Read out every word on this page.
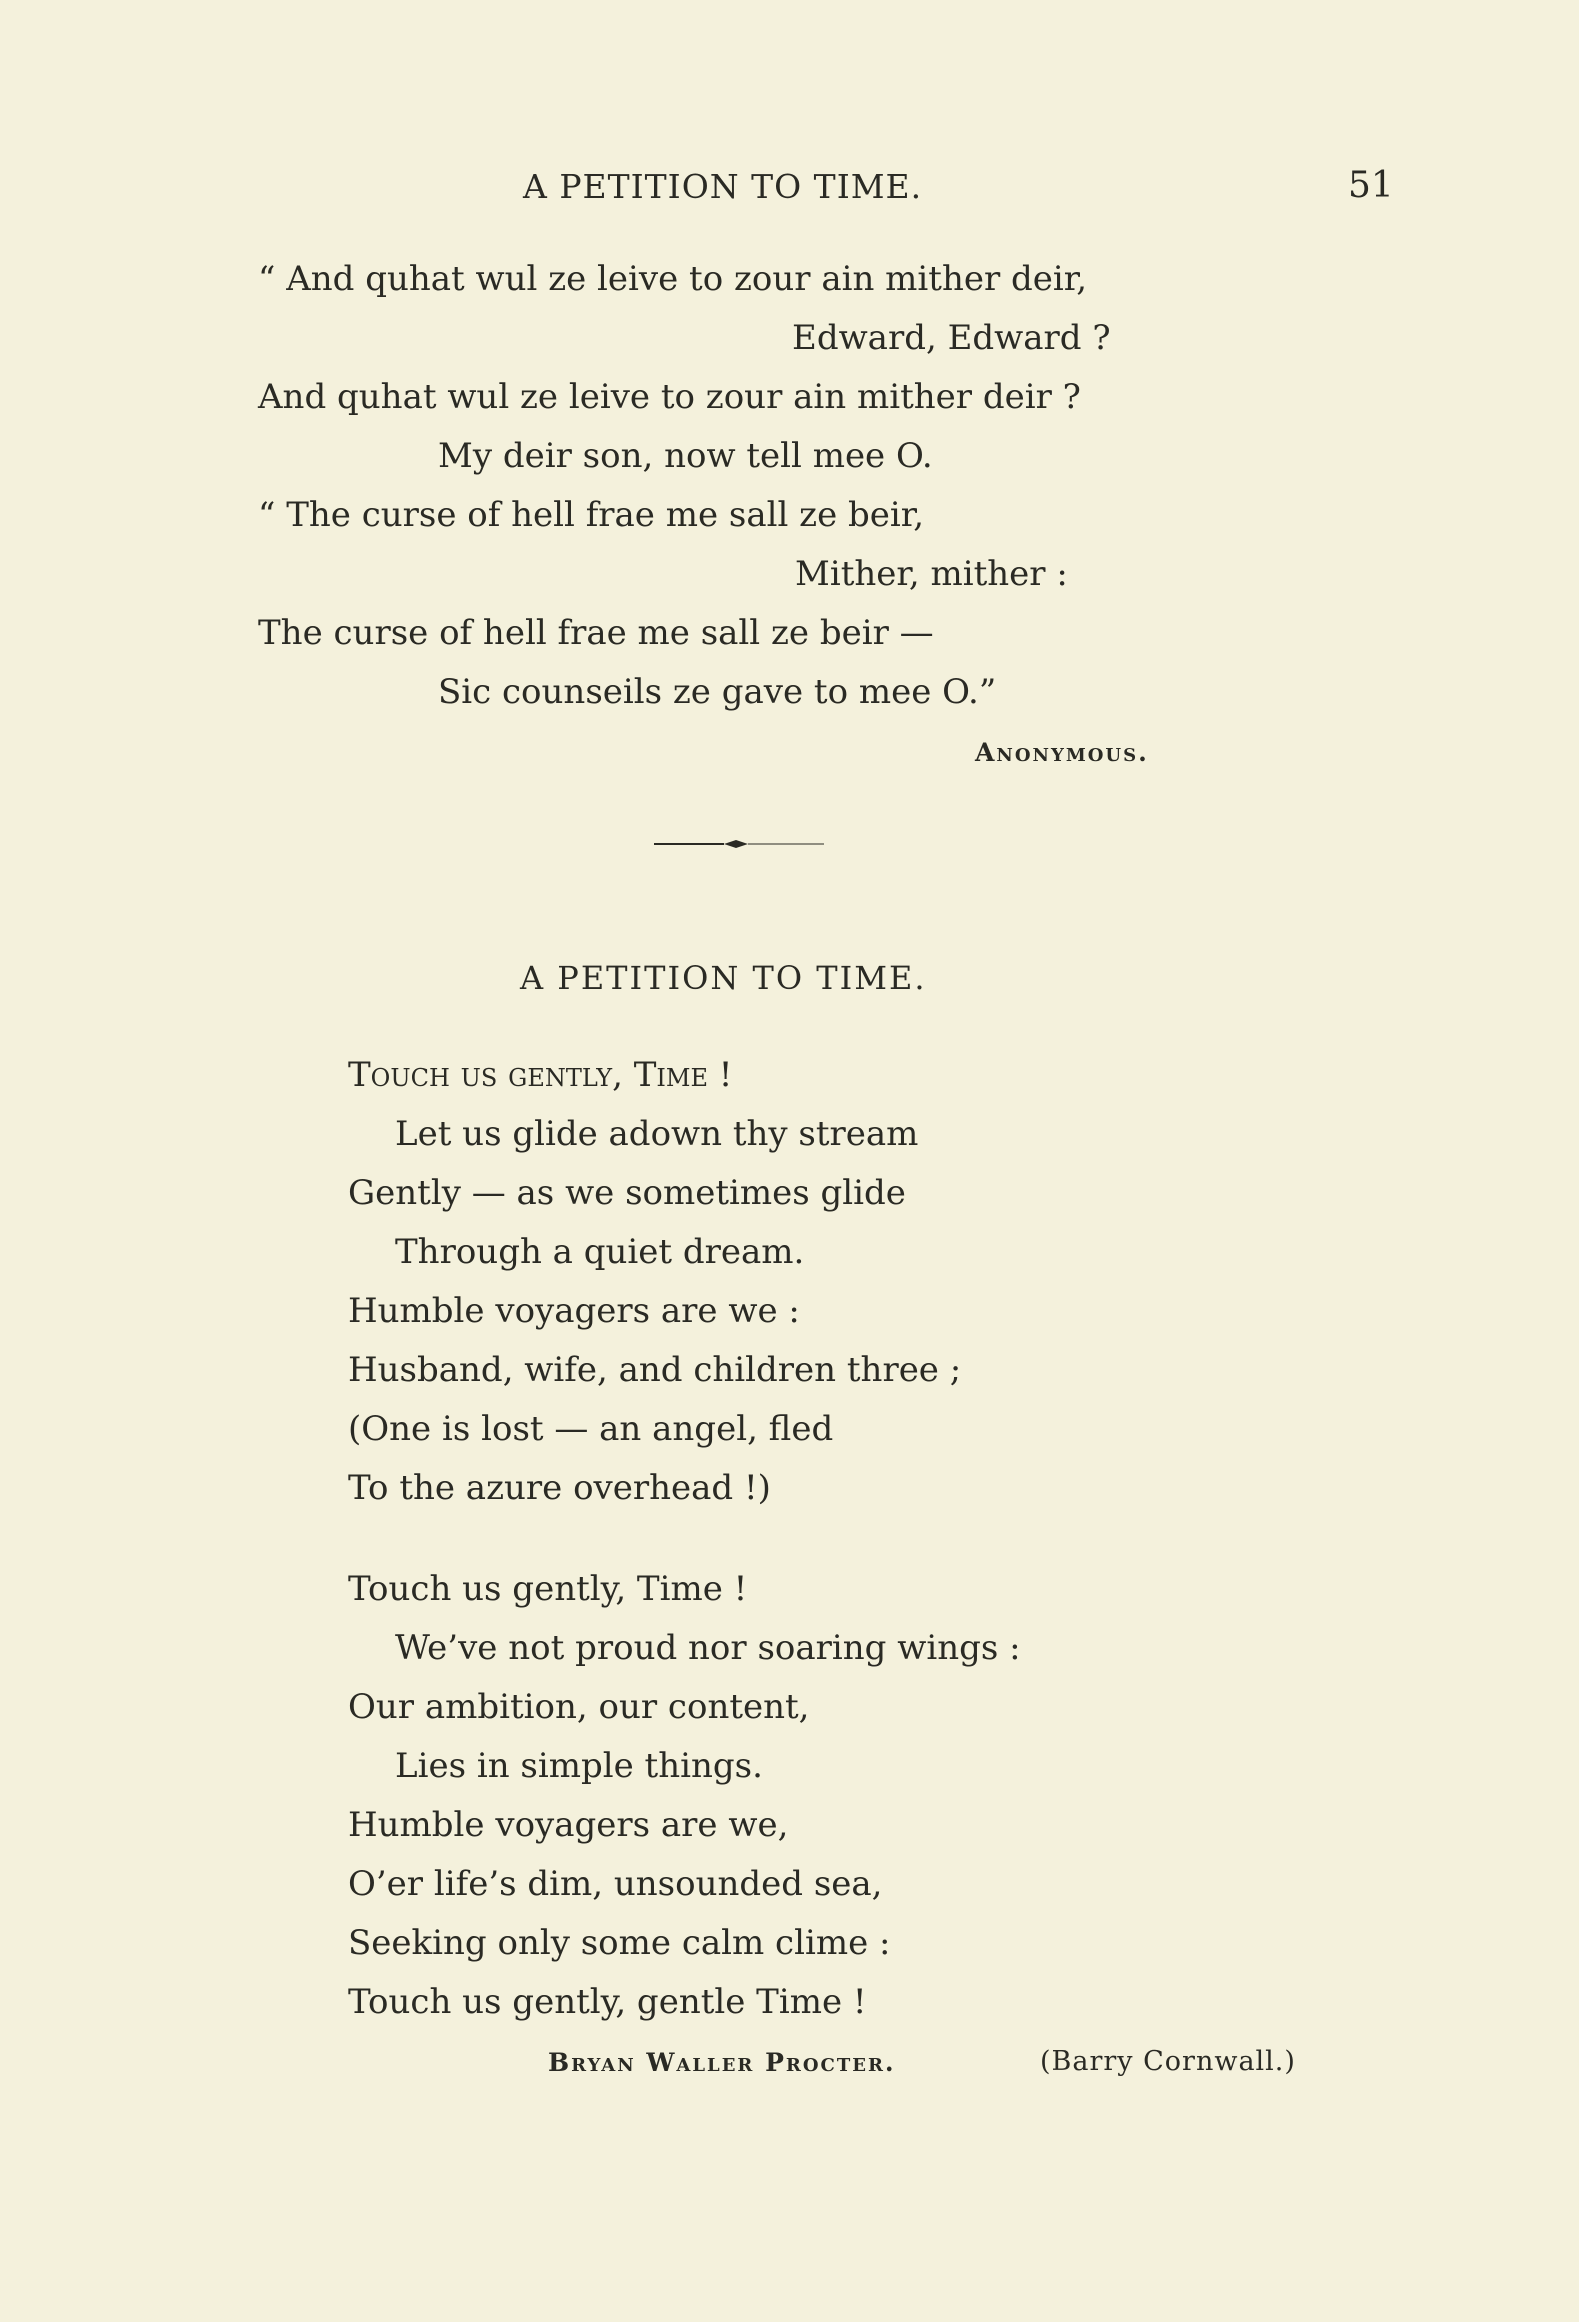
A PETITION TO TIME.	51
“ And quhat wul ze leive to zour ain mither deir,
Edward, Edward ?
And quhat wul ze leive to zour ain mither deir ?
My deir son, now tell mee O.
“ The curse of hell frae me sall ze beir,
Mither, mither :
The curse of hell frae me sall ze beir —
Sic counseils ze gave to mee O.”
Anonymous.
A PETITION TO TIME.
Touch us gently, Time !
Let us glide adown thy stream
Gently — as we sometimes glide
Through a quiet dream.
Humble voyagers are we :
Husband, wife, and children three ;
(One is lost — an angel, fled
To the azure overhead !)
Touch us gently, Time !
We’ve not proud nor soaring wings :
Our ambition, our content,
Lies in simple things.
Humble voyagers are we,
O’er life’s dim, unsounded sea,
Seeking only some calm clime :
Touch us gently, gentle Time !
Bryan Waller Procter.	(Barry Cornwall.)
